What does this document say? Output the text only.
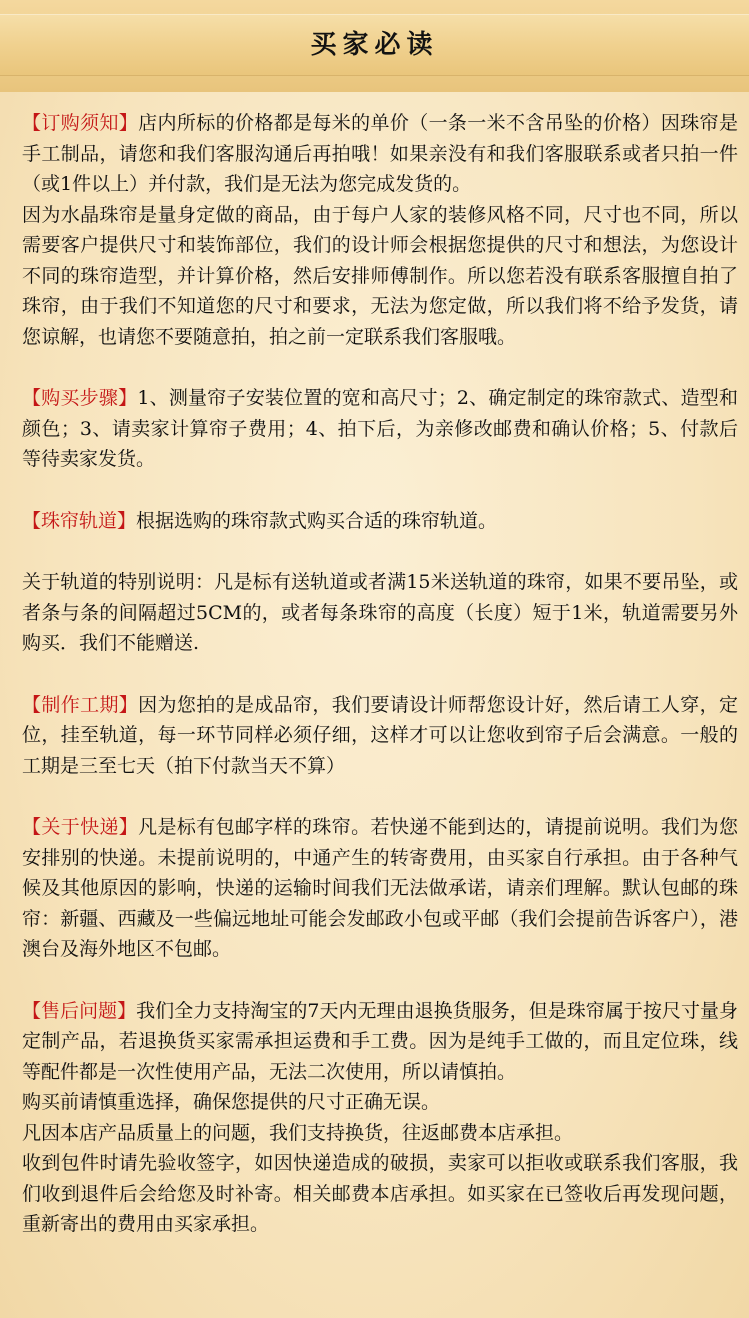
买家必读

【订购须知】店内所标的价格都是每米的单价（一条一米不含吊坠的价格）因珠帘是手工制品，请您和我们客服沟通后再拍哦！如果亲没有和我们客服联系或者只拍一件（或1件以上）并付款，我们是无法为您完成发货的。

因为水晶珠帘是量身定做的商品，由于每户人家的装修风格不同，尺寸也不同，所以需要客户提供尺寸和装饰部位，我们的设计师会根据您提供的尺寸和想法，为您设计不同的珠帘造型，并计算价格，然后安排师傅制作。所以您若没有联系客服擅自拍了珠帘，由于我们不知道您的尺寸和要求，无法为您定做，所以我们将不给予发货，请您谅解，也请您不要随意拍，拍之前一定联系我们客服哦。

【购买步骤】1、测量帘子安装位置的宽和高尺寸；2、确定制定的珠帘款式、造型和颜色；3、请卖家计算帘子费用；4、拍下后，为亲修改邮费和确认价格；5、付款后等待卖家发货。

【珠帘轨道】根据选购的珠帘款式购买合适的珠帘轨道。

关于轨道的特别说明：凡是标有送轨道或者满15米送轨道的珠帘，如果不要吊坠，或者条与条的间隔超过5CM的，或者每条珠帘的高度（长度）短于1米，轨道需要另外购买．我们不能赠送.

【制作工期】因为您拍的是成品帘，我们要请设计师帮您设计好，然后请工人穿，定位，挂至轨道，每一环节同样必须仔细，这样才可以让您收到帘子后会满意。一般的工期是三至七天（拍下付款当天不算）

【关于快递】凡是标有包邮字样的珠帘。若快递不能到达的，请提前说明。我们为您安排别的快递。未提前说明的，中通产生的转寄费用，由买家自行承担。由于各种气候及其他原因的影响，快递的运输时间我们无法做承诺，请亲们理解。默认包邮的珠帘：新疆、西藏及一些偏远地址可能会发邮政小包或平邮（我们会提前告诉客户），港澳台及海外地区不包邮。

【售后问题】我们全力支持淘宝的7天内无理由退换货服务，但是珠帘属于按尺寸量身定制产品，若退换货买家需承担运费和手工费。因为是纯手工做的，而且定位珠，线等配件都是一次性使用产品，无法二次使用，所以请慎拍。

购买前请慎重选择，确保您提供的尺寸正确无误。

凡因本店产品质量上的问题，我们支持换货，往返邮费本店承担。

收到包件时请先验收签字，如因快递造成的破损，卖家可以拒收或联系我们客服，我们收到退件后会给您及时补寄。相关邮费本店承担。如买家在已签收后再发现问题，重新寄出的费用由买家承担。
